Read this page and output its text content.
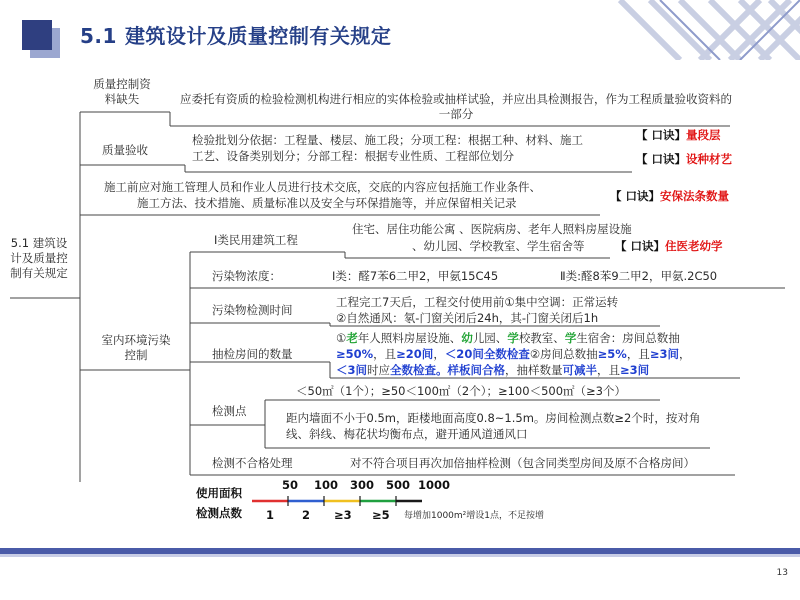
5.1 建筑设计及质量控制有关规定
5.1 建筑设计及质量控制有关规定
质量控制资料缺失	应委托有资质的检验检测机构进行相应的实体检验或抽样试验，并应出具检测报告，作为工程质量验收资料的一部分
质量验收
检验批划分依据：工程量、楼层、施工段；分项工程：根据工种、材料、施工
工艺、设备类别划分；分部工程：根据专业性质、工程部位划分
【 口诀】量段层
【 口诀】设种材艺
施工前应对施工管理人员和作业人员进行技术交底，交底的内容应包括施工作业条件、
施工方法、技术措施、质量标准以及安全与环保措施等，并应保留相关记录	【 口诀】安保法条数量
室内环境污染控制
Ⅰ类民用建筑工程
住宅、居住功能公寓 、医院病房、老年人照料房屋设施
、幼儿园、学校教室、学生宿舍等	【 口诀】住医老幼学
污染物浓度：	Ⅰ类：醛7苯6二甲2，甲氨15C45	Ⅱ类:醛8苯9二甲2，甲氨.2C50
污染物检测时间
工程完工7天后，工程交付使用前①集中空调：正常运转
②自然通风：氡-门窗关闭后24h，其-门窗关闭后1h
抽检房间的数量
①老年人照料房屋设施、幼儿园、学校教室、学生宿舍：房间总数抽
≥50%，且≥20间，＜20间全数检查②房间总数抽≥5%，且≥3间，
＜3间时应全数检查。样板间合格，抽样数量可减半，且≥3间
检测点
＜50㎡（1个）；≥50＜100㎡（2个）；≥100＜500㎡（≥3个）
距内墙面不小于0.5m，距楼地面高度0.8~1.5m。房间检测点数≥2个时，按对角
线、斜线、梅花状均衡布点，避开通风道通风口
检测不合格处理	对不符合项目再次加倍抽样检测（包含同类型房间及原不合格房间）
使用面积
检测点数
50 100 300 500 1000
1 2 ≥3 ≥5 每增加1000m²增设1点，不足按增
13
